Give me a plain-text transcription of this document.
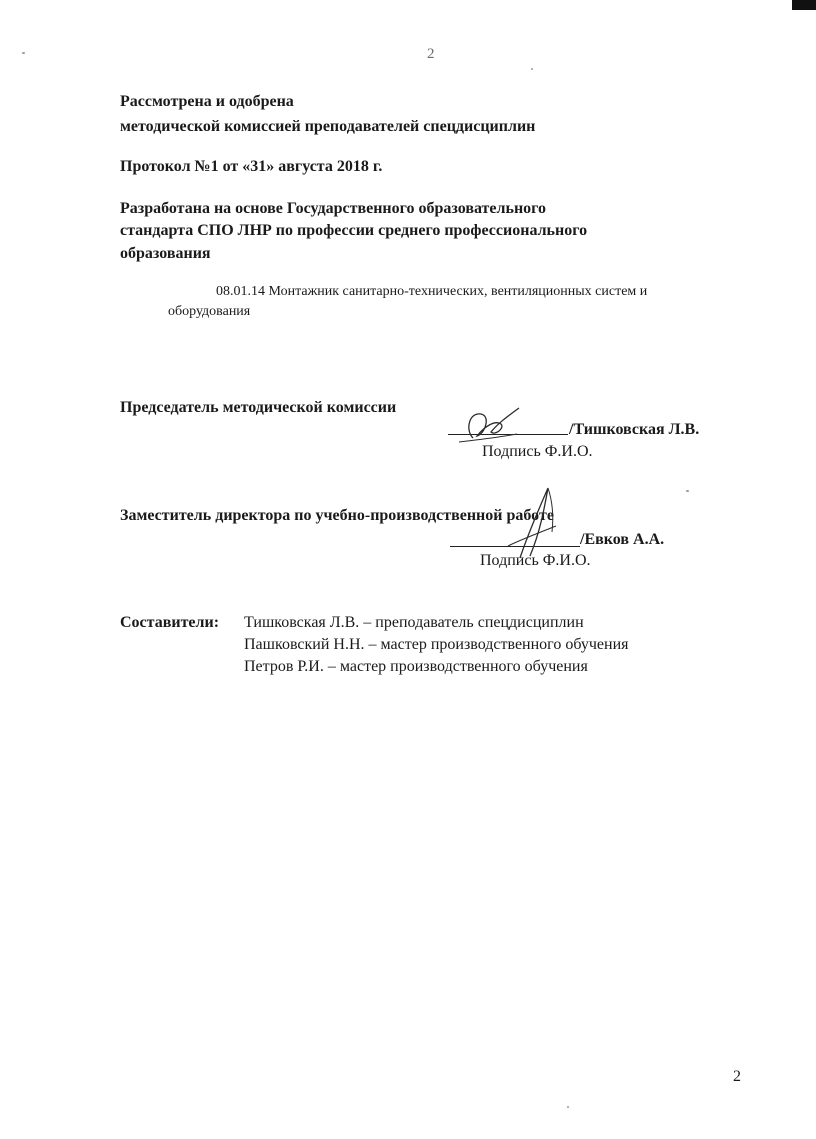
2
Рассмотрена и одобрена
методической комиссией преподавателей спецдисциплин
Протокол №1 от «31» августа 2018 г.
Разработана на основе Государственного образовательного
стандарта СПО ЛНР по профессии среднего профессионального
образования
08.01.14 Монтажник санитарно-технических, вентиляционных систем и
оборудования
Председатель методической комиссии
/Тишковская Л.В.
Подпись Ф.И.О.
Заместитель директора по учебно-производственной работе
/Евков А.А.
Подпись Ф.И.О.
Составители: Тишковская Л.В. – преподаватель спецдисциплин
Пашковский Н.Н. – мастер производственного обучения
Петров Р.И. – мастер производственного обучения
2
